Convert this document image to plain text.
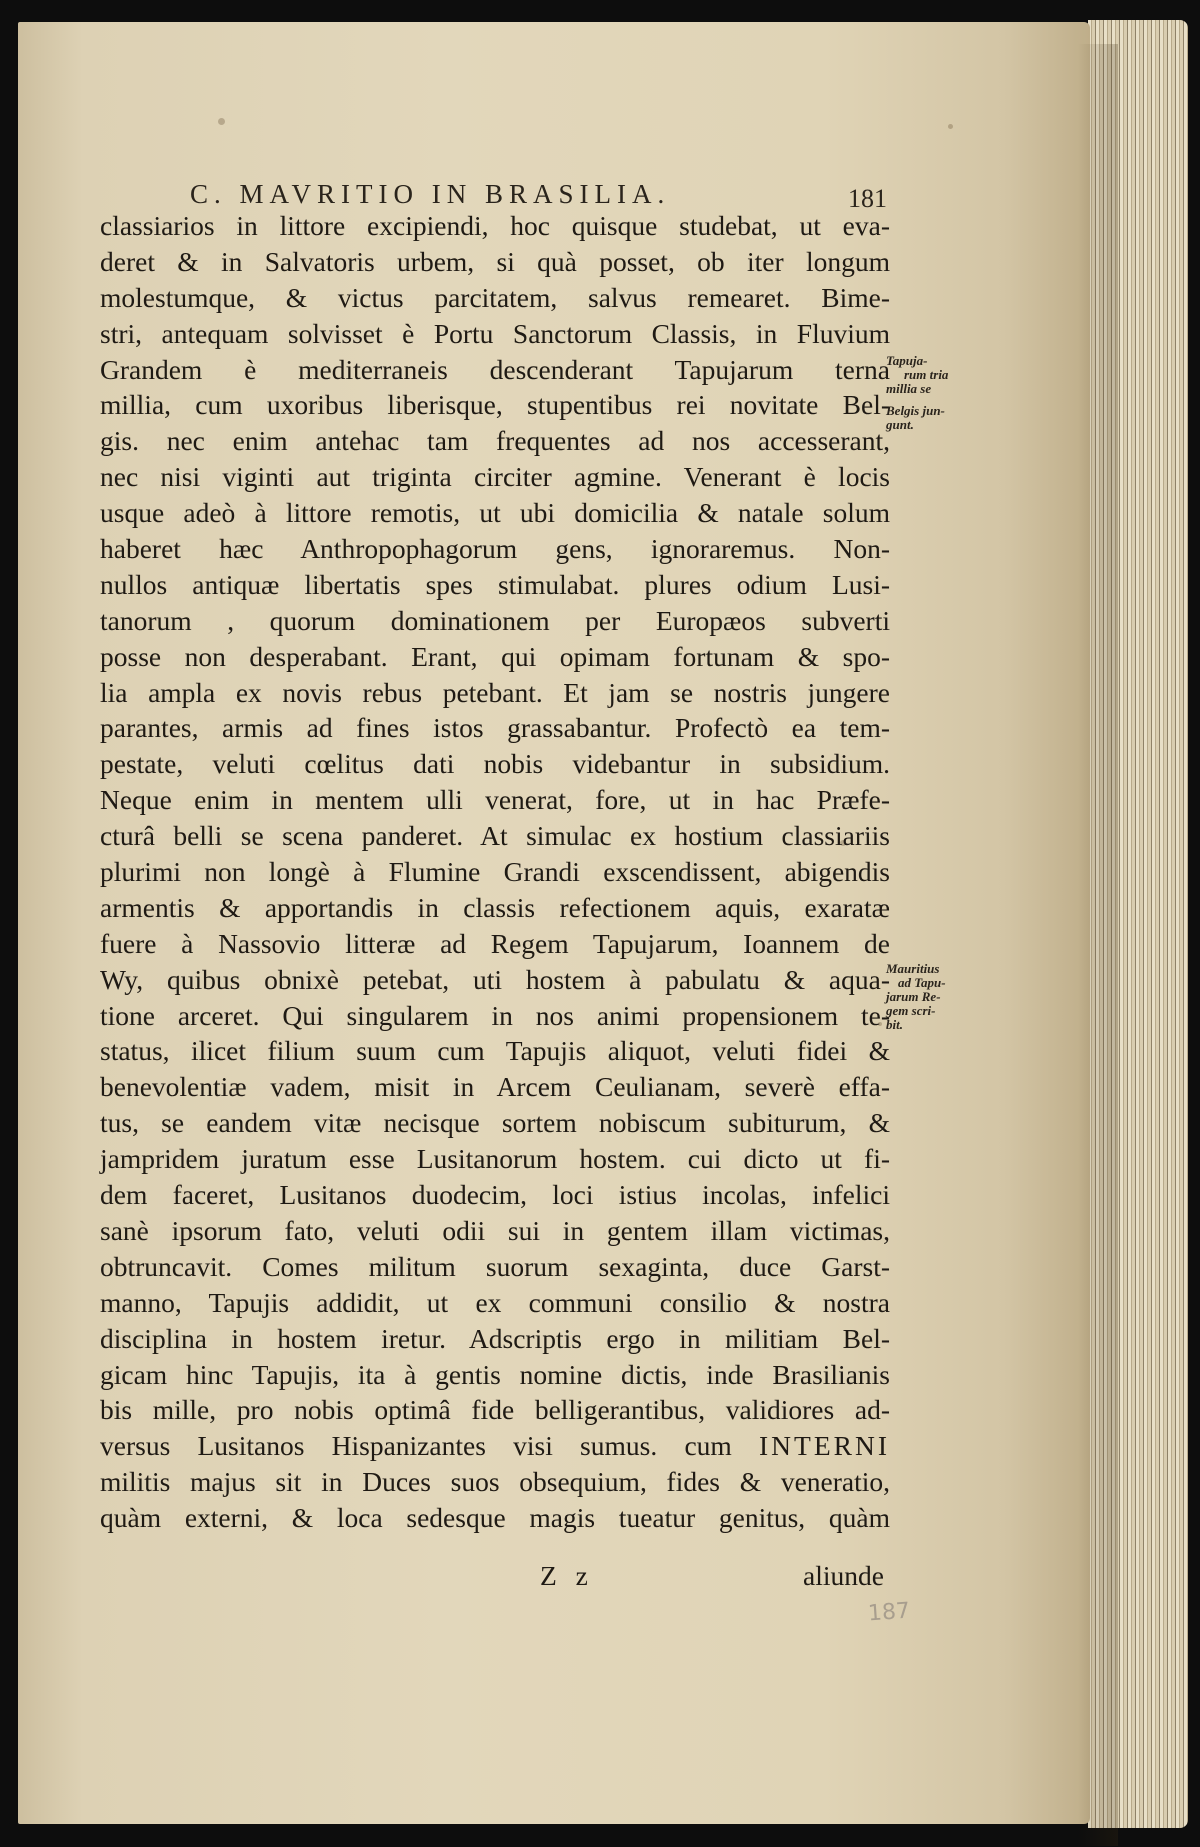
C. MAVRITIO IN BRASILIA.	181
classiarios in littore excipiendi, hoc quisque studebat, ut eva-
deret & in Salvatoris urbem, si quà posset, ob iter longum
molestumque, & victus parcitatem, salvus remearet. Bime-
stri, antequam solvisset è Portu Sanctorum Classis, in Fluvium
Grandem è mediterraneis descenderant Tapujarum terna
millia, cum uxoribus liberisque, stupentibus rei novitate Bel-
gis. nec enim antehac tam frequentes ad nos accesserant,
nec nisi viginti aut triginta circiter agmine. Venerant è locis
usque adeò à littore remotis, ut ubi domicilia & natale solum
haberet hæc Anthropophagorum gens, ignoraremus. Non-
nullos antiquæ libertatis spes stimulabat. plures odium Lusi-
tanorum , quorum dominationem per Europæos subverti
posse non desperabant. Erant, qui opimam fortunam & spo-
lia ampla ex novis rebus petebant. Et jam se nostris jungere
parantes, armis ad fines istos grassabantur. Profectò ea tem-
pestate, veluti cœlitus dati nobis videbantur in subsidium.
Neque enim in mentem ulli venerat, fore, ut in hac Præfe-
cturâ belli se scena panderet. At simulac ex hostium classiariis
plurimi non longè à Flumine Grandi exscendissent, abigendis
armentis & apportandis in classis refectionem aquis, exaratæ
fuere à Nassovio litteræ ad Regem Tapujarum, Ioannem de
Wy, quibus obnixè petebat, uti hostem à pabulatu & aqua-
tione arceret. Qui singularem in nos animi propensionem te-
status, ilicet filium suum cum Tapujis aliquot, veluti fidei &
benevolentiæ vadem, misit in Arcem Ceulianam, severè effa-
tus, se eandem vitæ necisque sortem nobiscum subiturum, &
jampridem juratum esse Lusitanorum hostem. cui dicto ut fi-
dem faceret, Lusitanos duodecim, loci istius incolas, infelici
sanè ipsorum fato, veluti odii sui in gentem illam victimas,
obtruncavit. Comes militum suorum sexaginta, duce Garst-
manno, Tapujis addidit, ut ex communi consilio & nostra
disciplina in hostem iretur. Adscriptis ergo in militiam Bel-
gicam hinc Tapujis, ita à gentis nomine dictis, inde Brasilianis
bis mille, pro nobis optimâ fide belligerantibus, validiores ad-
versus Lusitanos Hispanizantes visi sumus. cum INTERNI
militis majus sit in Duces suos obsequium, fides & veneratio,
quàm externi, & loca sedesque magis tueatur genitus, quàm
Tapuja-
rum tria
millia se
Belgis jun-
gunt.
Mauritius
ad Tapu-
jarum Re-
gem scri-
bit.
Z z	aliunde
187
